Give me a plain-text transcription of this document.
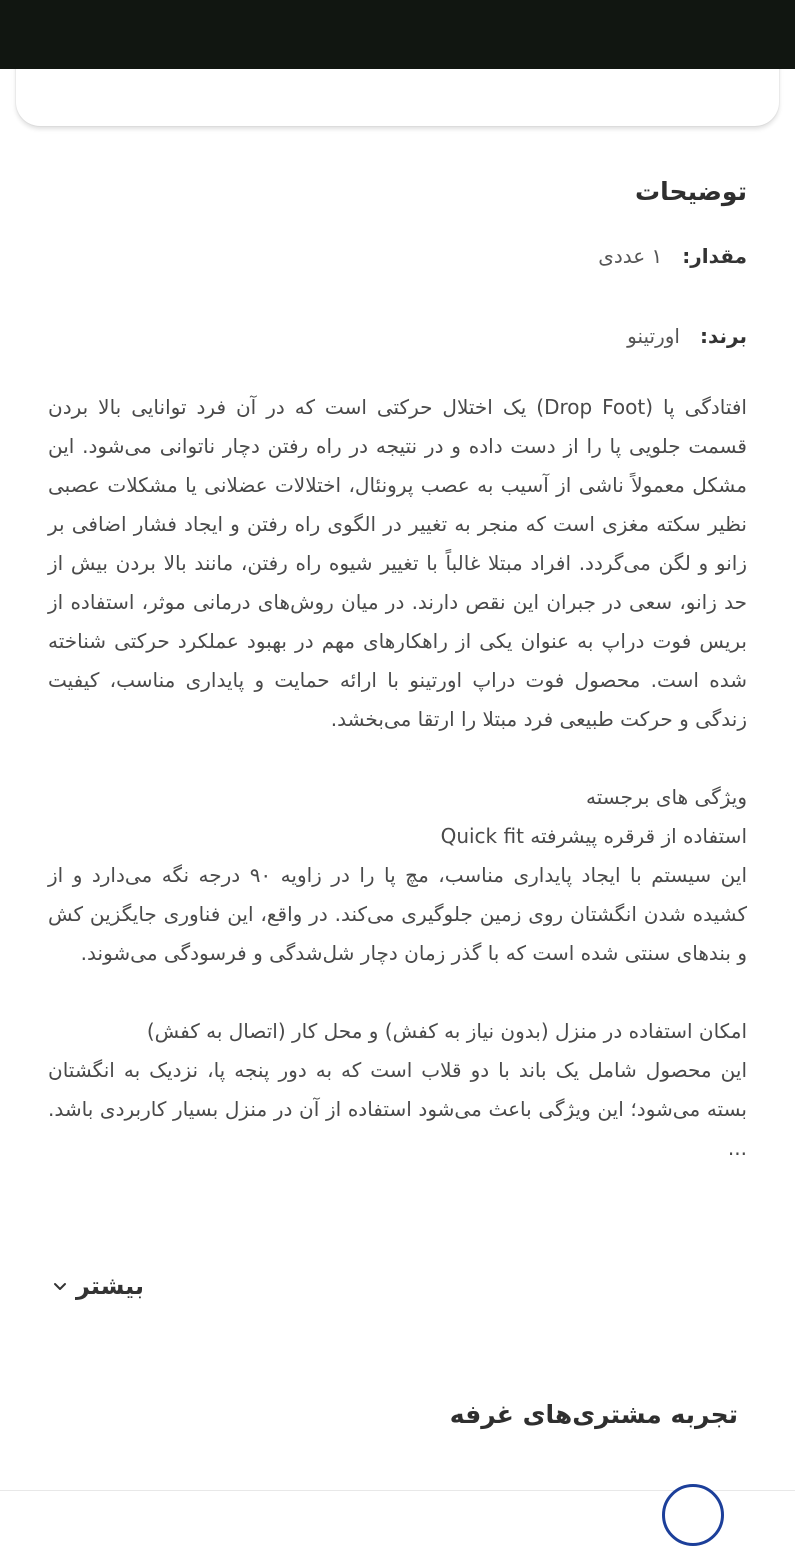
توضیحات
مقدار:۱ عددی
برند:اورتینو

افتادگی پا (Drop Foot) یک اختلال حرکتی است که در آن فرد توانایی بالا بردن قسمت جلویی پا را از دست داده و در نتیجه در راه رفتن دچار ناتوانی می‌شود. این مشکل معمولاً ناشی از آسیب به عصب پرونئال، اختلالات عضلانی یا مشکلات عصبی نظیر سکته مغزی است که منجر به تغییر در الگوی راه رفتن و ایجاد فشار اضافی بر زانو و لگن می‌گردد. افراد مبتلا غالباً با تغییر شیوه راه رفتن، مانند بالا بردن بیش از حد زانو، سعی در جبران این نقص دارند. در میان روش‌های درمانی موثر، استفاده از بریس فوت دراپ به عنوان یکی از راهکارهای مهم در بهبود عملکرد حرکتی شناخته شده است. محصول فوت دراپ اورتینو با ارائه حمایت و پایداری مناسب، کیفیت زندگی و حرکت طبیعی فرد مبتلا را ارتقا می‌بخشد.

ویژگی های برجسته

استفاده از قرقره پیشرفته Quick fit

این سیستم با ایجاد پایداری مناسب، مچ پا را در زاویه ۹۰ درجه نگه می‌دارد و از کشیده شدن انگشتان روی زمین جلوگیری می‌کند. در واقع، این فناوری جایگزین کش و بندهای سنتی شده است که با گذر زمان دچار شل‌شدگی و فرسودگی می‌شوند.

امکان استفاده در منزل (بدون نیاز به کفش) و محل کار (اتصال به کفش)

این محصول شامل یک باند با دو قلاب است که به دور پنجه پا، نزدیک به انگشتان بسته می‌شود؛ این ویژگی باعث می‌شود استفاده از آن در منزل بسیار کاربردی باشد. ...

بیشتر
تجربه مشتری‌های غرفه
